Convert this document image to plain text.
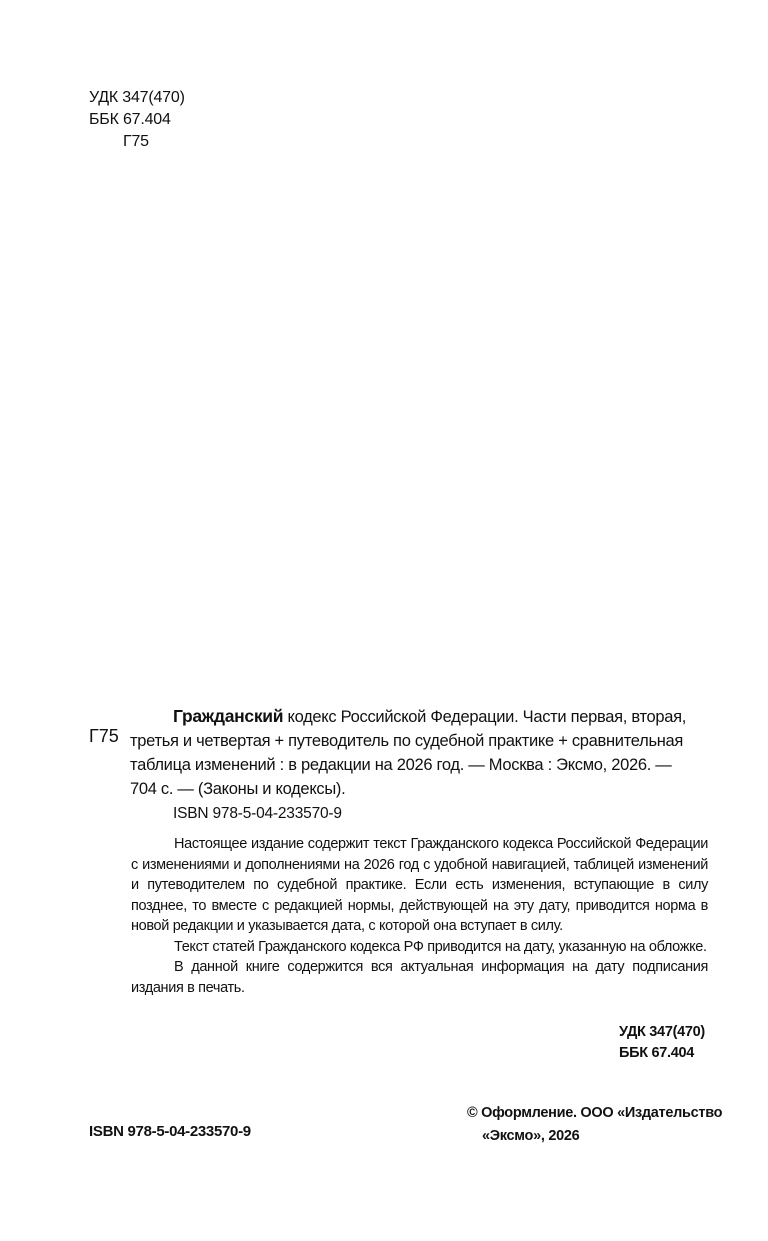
УДК 347(470)
ББК 67.404
Г75
Г75
Гражданский кодекс Российской Федерации. Части первая, вторая,
третья и четвертая + путеводитель по судебной практике + сравнительная
таблица изменений : в редакции на 2026 год. — Москва : Эксмо, 2026. —
704 с. — (Законы и кодексы).
ISBN 978-5-04-233570-9

Настоящее издание содержит текст Гражданского кодекса Российской Федерации с изменениями и дополнениями на 2026 год с удобной навигацией, таблицей изменений и путеводителем по судебной практике. Если есть изменения, вступающие в силу позднее, то вместе с редакцией нормы, действующей на эту дату, приводится норма в новой редакции и указывается дата, с которой она вступает в силу.

Текст статей Гражданского кодекса РФ приводится на дату, указанную на обложке.

В данной книге содержится вся актуальная информация на дату подписания издания в печать.

УДК 347(470)
ББК 67.404
ISBN 978-5-04-233570-9
© Оформление. ООО «Издательство
«Эксмо», 2026
